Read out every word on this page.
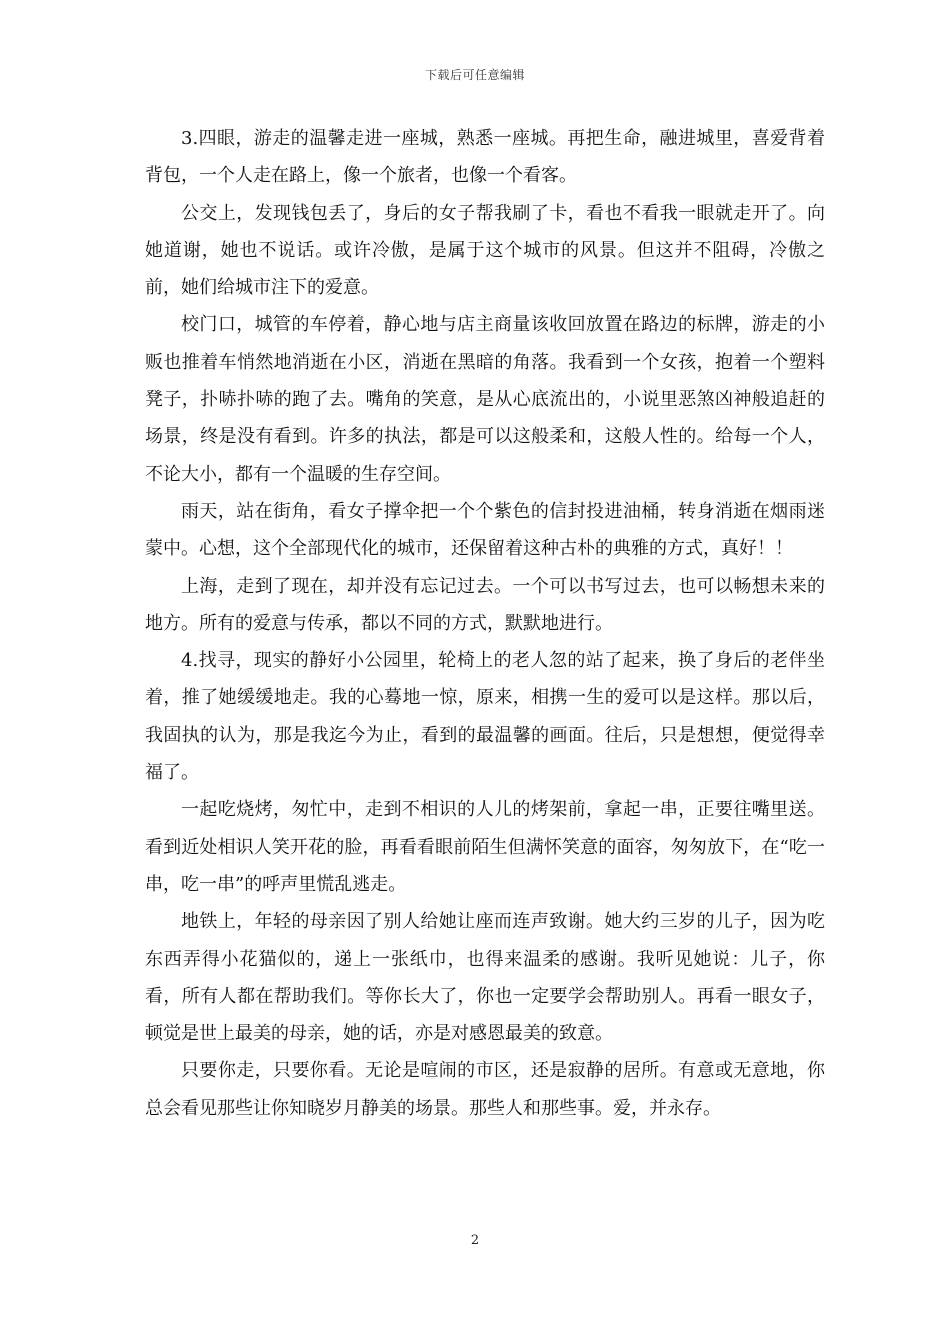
下载后可任意编辑

3.四眼，游走的温馨走进一座城，熟悉一座城。再把生命，融进城里，喜爱背着背包，一个人走在路上，像一个旅者，也像一个看客。

公交上，发现钱包丢了，身后的女子帮我刷了卡，看也不看我一眼就走开了。向她道谢，她也不说话。或许冷傲，是属于这个城市的风景。但这并不阻碍，冷傲之前，她们给城市注下的爱意。

校门口，城管的车停着，静心地与店主商量该收回放置在路边的标牌，游走的小贩也推着车悄然地消逝在小区，消逝在黑暗的角落。我看到一个女孩，抱着一个塑料凳子，扑哧扑哧的跑了去。嘴角的笑意，是从心底流出的，小说里恶煞凶神般追赶的场景，终是没有看到。许多的执法，都是可以这般柔和，这般人性的。给每一个人，不论大小，都有一个温暖的生存空间。

雨天，站在街角，看女子撑伞把一个个紫色的信封投进油桶，转身消逝在烟雨迷蒙中。心想，这个全部现代化的城市，还保留着这种古朴的典雅的方式，真好！！

上海，走到了现在，却并没有忘记过去。一个可以书写过去，也可以畅想未来的地方。所有的爱意与传承，都以不同的方式，默默地进行。

4.找寻，现实的静好小公园里，轮椅上的老人忽的站了起来，换了身后的老伴坐着，推了她缓缓地走。我的心蓦地一惊，原来，相携一生的爱可以是这样。那以后，我固执的认为，那是我迄今为止，看到的最温馨的画面。往后，只是想想，便觉得幸福了。

一起吃烧烤，匆忙中，走到不相识的人儿的烤架前，拿起一串，正要往嘴里送。看到近处相识人笑开花的脸，再看看眼前陌生但满怀笑意的面容，匆匆放下，在“吃一串，吃一串”的呼声里慌乱逃走。

地铁上，年轻的母亲因了别人给她让座而连声致谢。她大约三岁的儿子，因为吃东西弄得小花猫似的，递上一张纸巾，也得来温柔的感谢。我听见她说：儿子，你看，所有人都在帮助我们。等你长大了，你也一定要学会帮助别人。再看一眼女子，顿觉是世上最美的母亲，她的话，亦是对感恩最美的致意。

只要你走，只要你看。无论是喧闹的市区，还是寂静的居所。有意或无意地，你总会看见那些让你知晓岁月静美的场景。那些人和那些事。爱，并永存。

2
